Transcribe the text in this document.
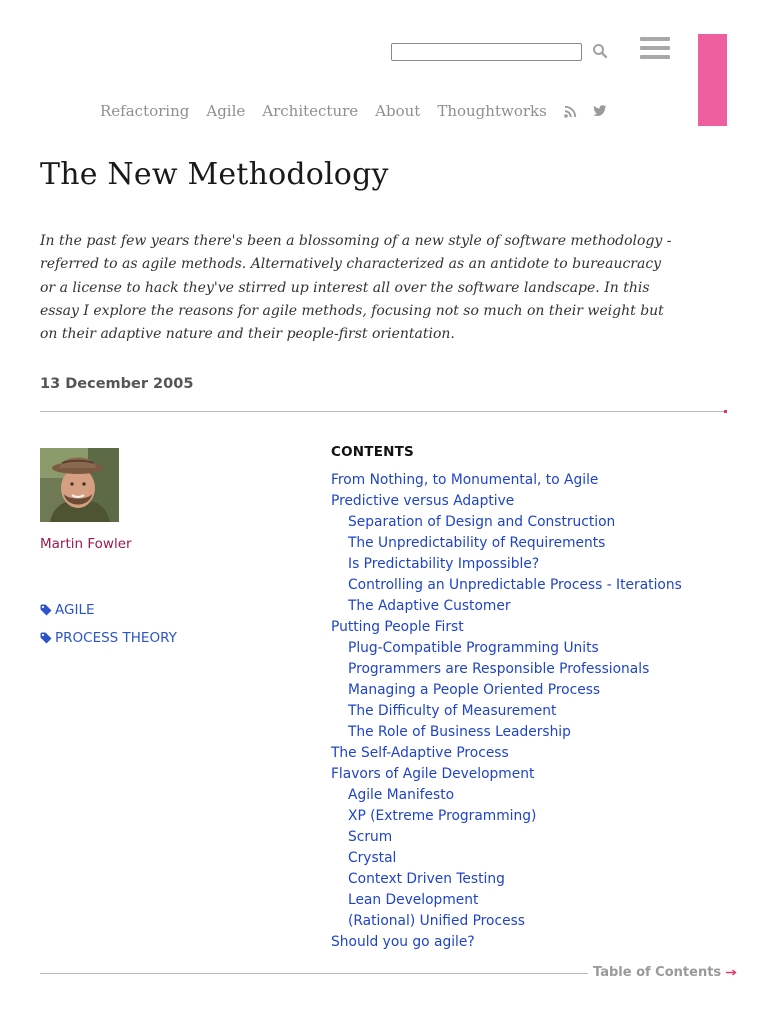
Refactoring Agile Architecture About Thoughtworks
The New Methodology

In the past few years there's been a blossoming of a new style of software methodology - referred to as agile methods. Alternatively characterized as an antidote to bureaucracy or a license to hack they've stirred up interest all over the software landscape. In this essay I explore the reasons for agile methods, focusing not so much on their weight but on their adaptive nature and their people-first orientation.

13 December 2005
Martin Fowler
AGILE
PROCESS THEORY
CONTENTS
From Nothing, to Monumental, to Agile
Predictive versus Adaptive
Separation of Design and Construction
The Unpredictability of Requirements
Is Predictability Impossible?
Controlling an Unpredictable Process - Iterations
The Adaptive Customer
Putting People First
Plug-Compatible Programming Units
Programmers are Responsible Professionals
Managing a People Oriented Process
The Difficulty of Measurement
The Role of Business Leadership
The Self-Adaptive Process
Flavors of Agile Development
Agile Manifesto
XP (Extreme Programming)
Scrum
Crystal
Context Driven Testing
Lean Development
(Rational) Unified Process
Should you go agile?
Table of Contents
